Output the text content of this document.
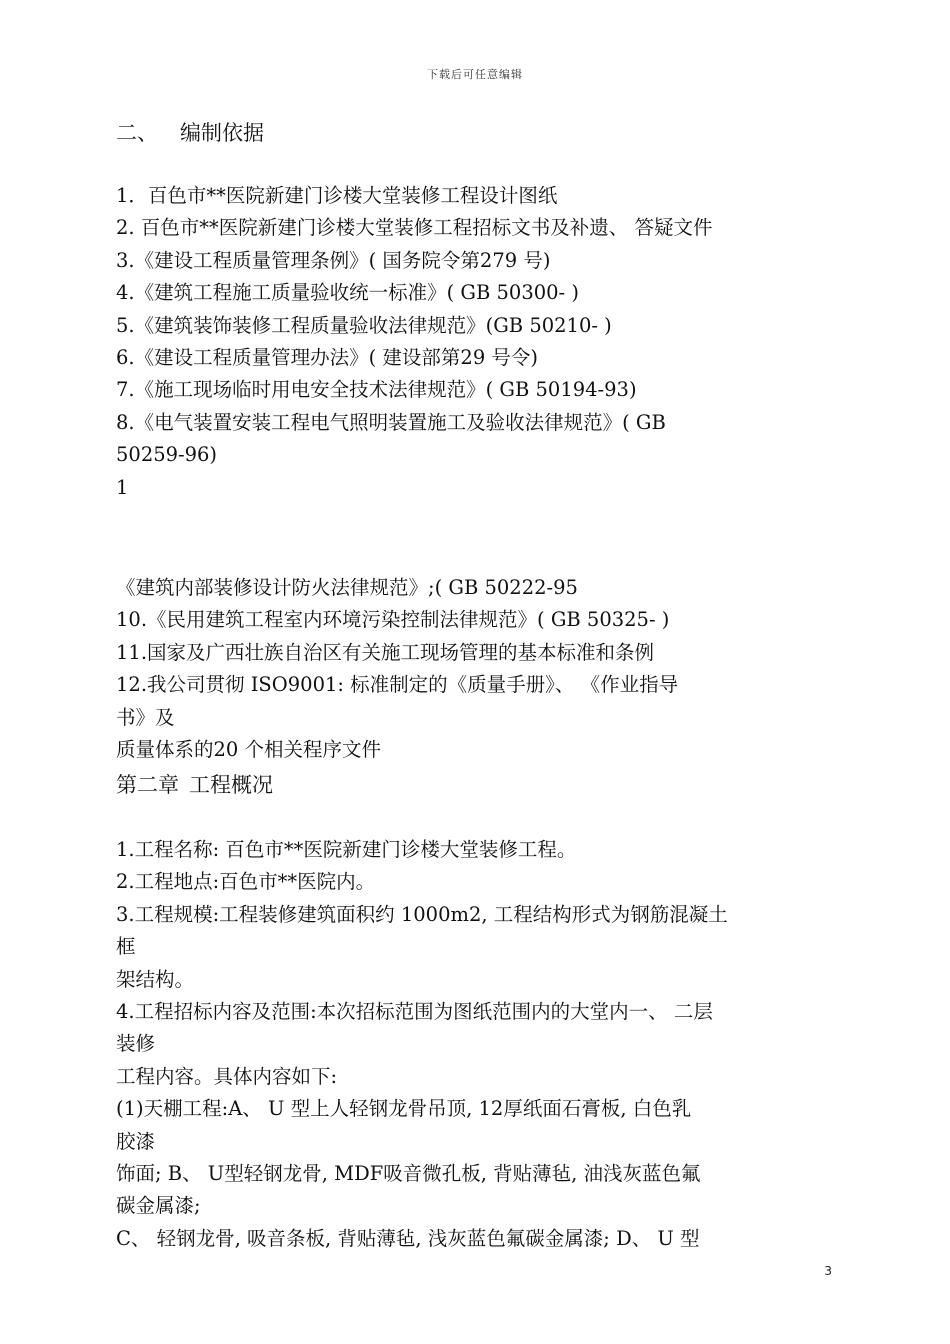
下载后可任意编辑
二、 编制依据
1．百色市**医院新建门诊楼大堂装修工程设计图纸
2. 百色市**医院新建门诊楼大堂装修工程招标文书及补遗、 答疑文件
3.《建设工程质量管理条例》( 国务院令第279 号)
4.《建筑工程施工质量验收统一标准》( GB 50300- )
5.《建筑装饰装修工程质量验收法律规范》(GB 50210- )
6.《建设工程质量管理办法》( 建设部第29 号令)
7.《施工现场临时用电安全技术法律规范》( GB 50194-93)
8.《电气装置安装工程电气照明装置施工及验收法律规范》( GB
50259-96)
1
《建筑内部装修设计防火法律规范》;( GB 50222-95
10.《民用建筑工程室内环境污染控制法律规范》( GB 50325- )
11.国家及广西壮族自治区有关施工现场管理的基本标准和条例
12.我公司贯彻 ISO9001: 标准制定的《质量手册》、 《作业指导
书》及
质量体系的20 个相关程序文件
第二章 工程概况
1.工程名称: 百色市**医院新建门诊楼大堂装修工程。
2.工程地点:百色市**医院内。
3.工程规模:工程装修建筑面积约 1000m2, 工程结构形式为钢筋混凝土
框
架结构。
4.工程招标内容及范围:本次招标范围为图纸范围内的大堂内一、 二层
装修
工程内容。具体内容如下:
(1)天棚工程:A、 U 型上人轻钢龙骨吊顶, 12厚纸面石膏板, 白色乳
胶漆
饰面; B、 U型轻钢龙骨, MDF吸音微孔板, 背贴薄毡, 油浅灰蓝色氟
碳金属漆;
C、 轻钢龙骨, 吸音条板, 背贴薄毡, 浅灰蓝色氟碳金属漆; D、 U 型
3
